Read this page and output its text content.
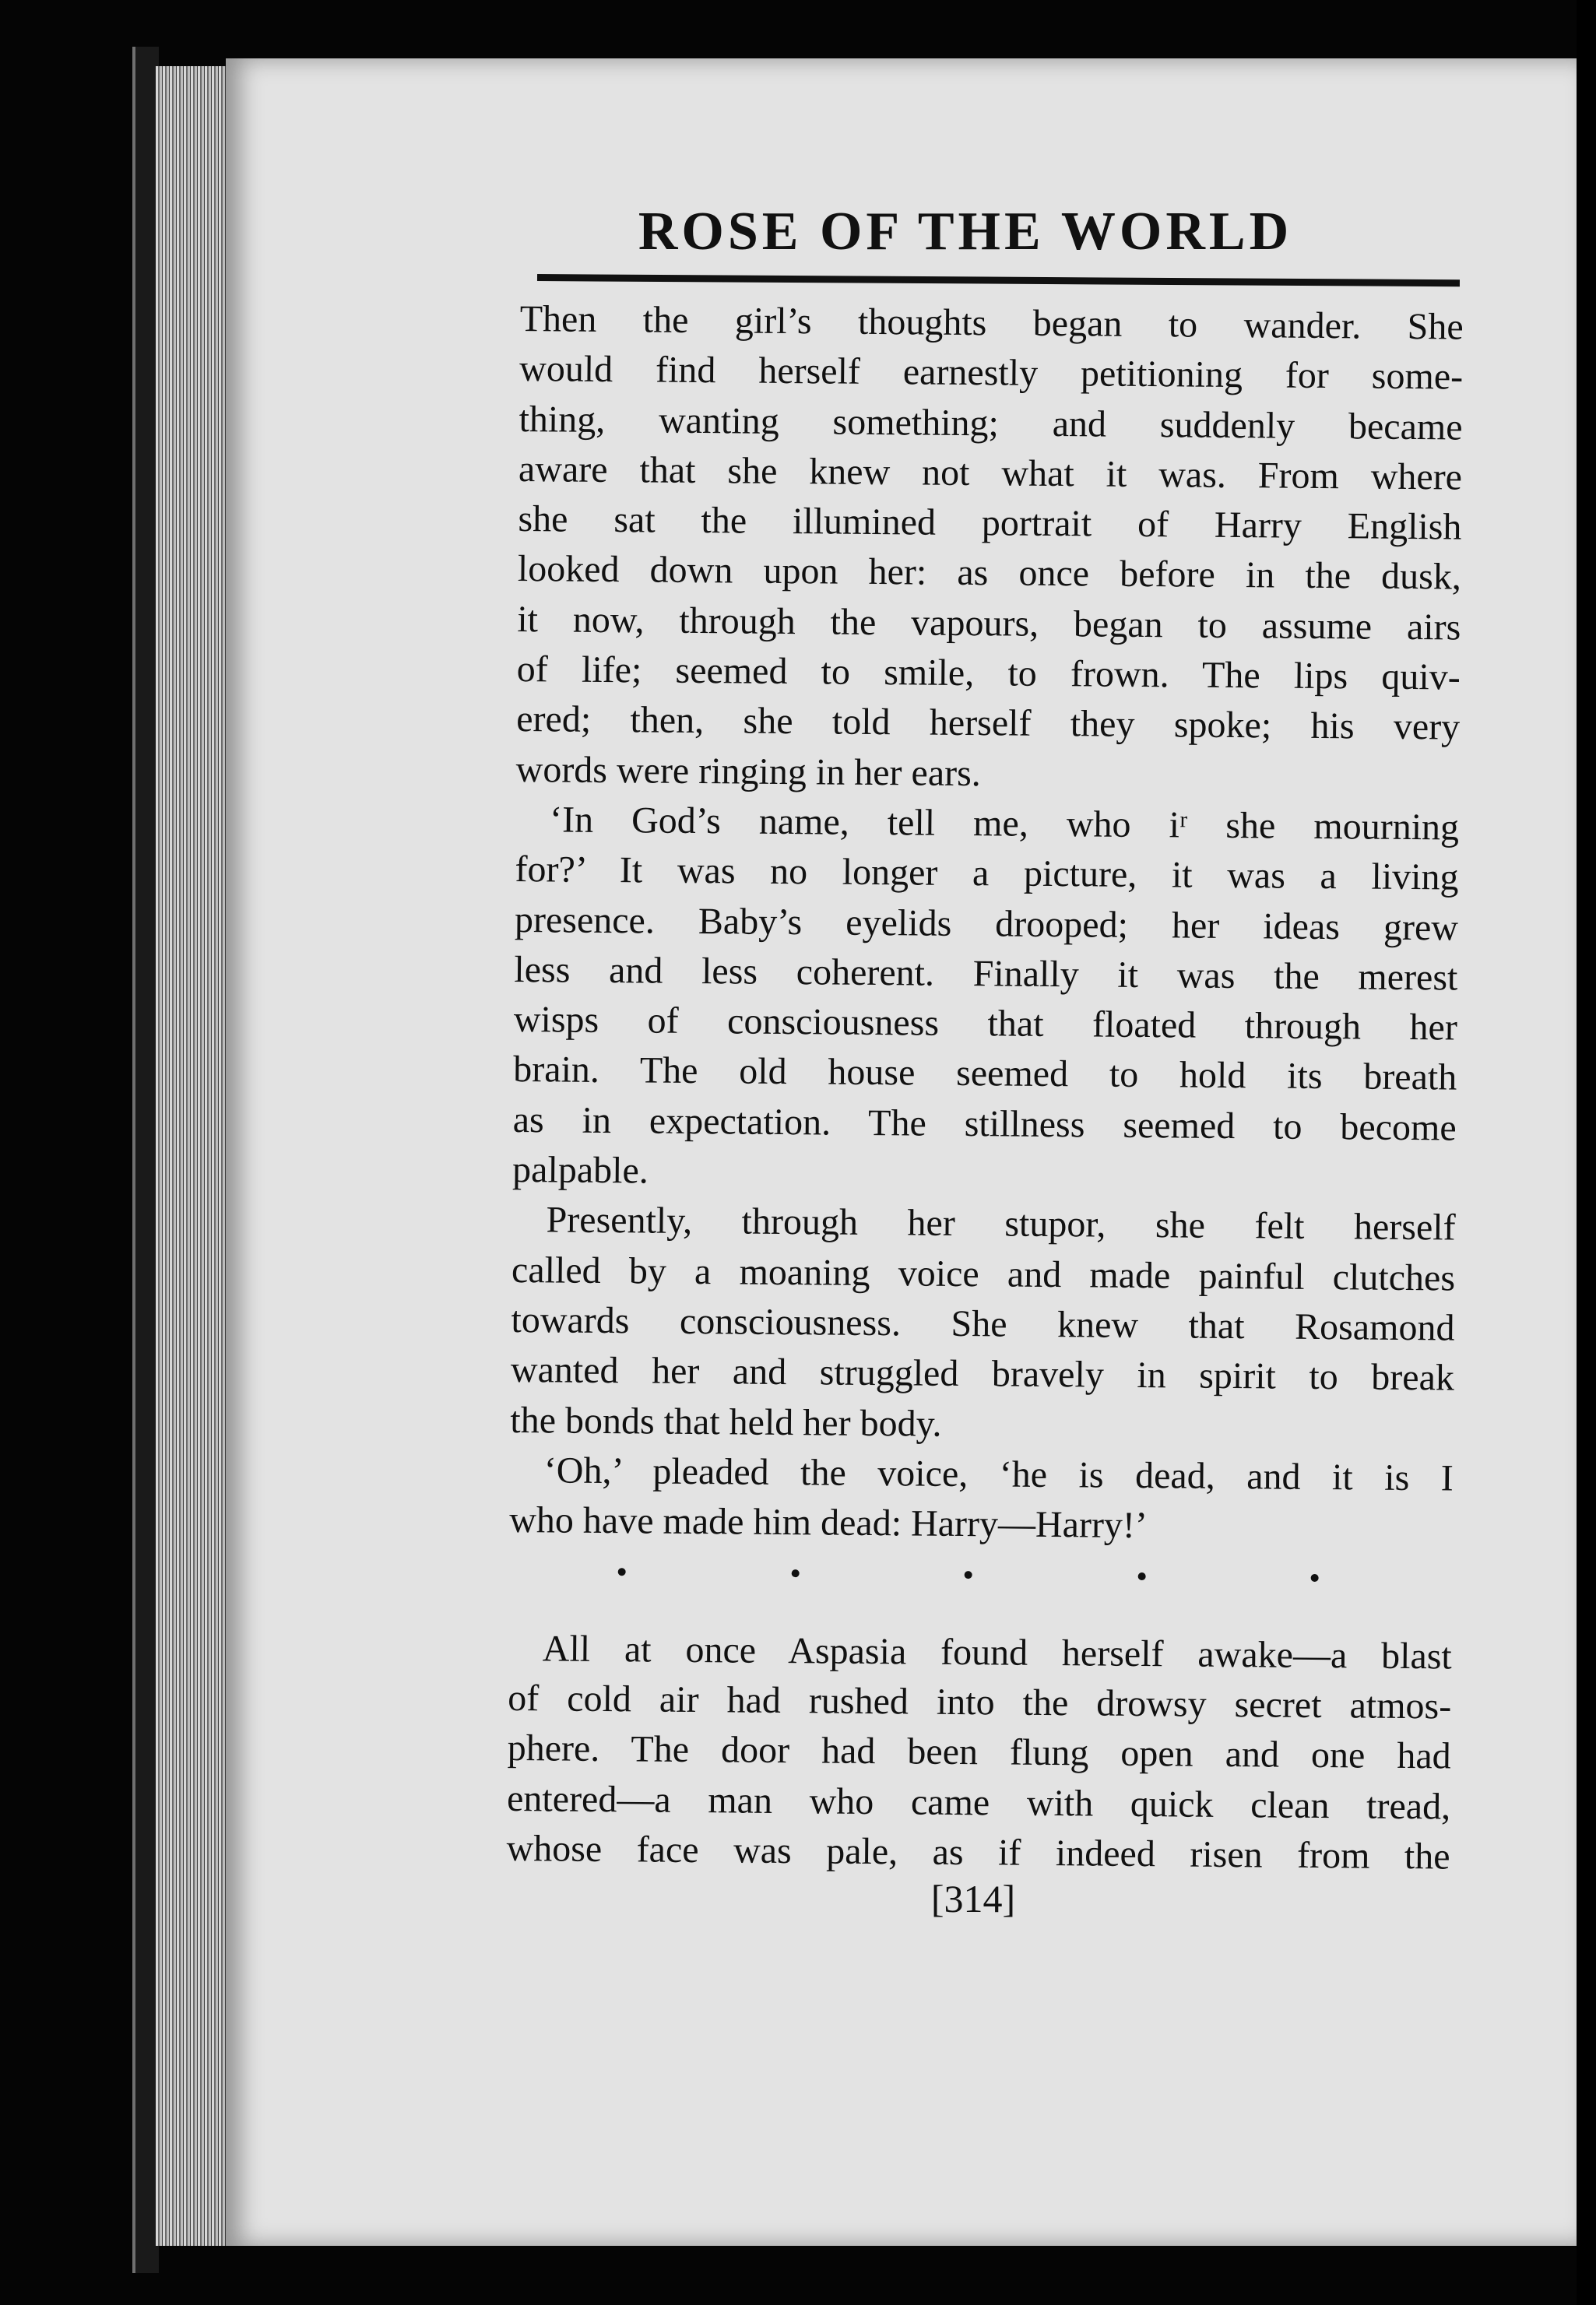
ROSE OF THE WORLD
Then the girl’s thoughts began to wander. She
would find herself earnestly petitioning for some-
thing, wanting something; and suddenly became
aware that she knew not what it was. From where
she sat the illumined portrait of Harry English
looked down upon her: as once before in the dusk,
it now, through the vapours, began to assume airs
of life; seemed to smile, to frown. The lips quiv-
ered; then, she told herself they spoke; his very
words were ringing in her ears.
‘In God’s name, tell me, who iʳ she mourning
for?’ It was no longer a picture, it was a living
presence. Baby’s eyelids drooped; her ideas grew
less and less coherent. Finally it was the merest
wisps of consciousness that floated through her
brain. The old house seemed to hold its breath
as in expectation. The stillness seemed to become
palpable.
Presently, through her stupor, she felt herself
called by a moaning voice and made painful clutches
towards consciousness. She knew that Rosamond
wanted her and struggled bravely in spirit to break
the bonds that held her body.
‘Oh,’ pleaded the voice, ‘he is dead, and it is I
who have made him dead: Harry—Harry!’
All at once Aspasia found herself awake—a blast
of cold air had rushed into the drowsy secret atmos-
phere. The door had been flung open and one had
entered—a man who came with quick clean tread,
whose face was pale, as if indeed risen from the
[314]
